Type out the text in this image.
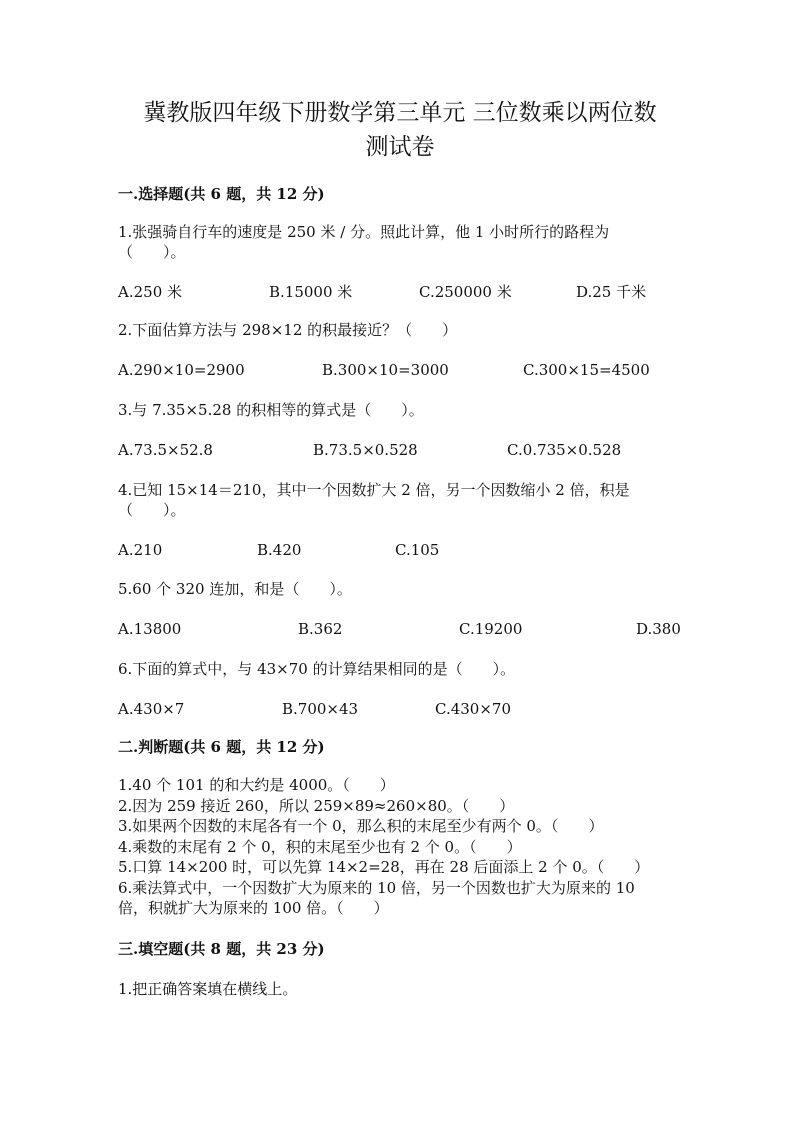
冀教版四年级下册数学第三单元 三位数乘以两位数
测试卷
一.选择题(共 6 题，共 12 分)
1.张强骑自行车的速度是 250 米 / 分。照此计算，他 1 小时所行的路程为
（　　）。
A.250 米	B.15000 米	C.250000 米	D.25 千米
2.下面估算方法与 298×12 的积最接近？（　　）
A.290×10=2900	B.300×10=3000	C.300×15=4500
3.与 7.35×5.28 的积相等的算式是（　　）。
A.73.5×52.8	B.73.5×0.528	C.0.735×0.528
4.已知 15×14＝210，其中一个因数扩大 2 倍，另一个因数缩小 2 倍，积是
（　　）。
A.210	B.420	C.105
5.60 个 320 连加，和是（　　）。
A.13800	B.362	C.19200	D.380
6.下面的算式中，与 43×70 的计算结果相同的是（　　）。
A.430×7	B.700×43	C.430×70
二.判断题(共 6 题，共 12 分)
1.40 个 101 的和大约是 4000。（　　）
2.因为 259 接近 260，所以 259×89≈260×80。（　　）
3.如果两个因数的末尾各有一个 0，那么积的末尾至少有两个 0。（　　）
4.乘数的末尾有 2 个 0，积的末尾至少也有 2 个 0。（　　）
5.口算 14×200 时，可以先算 14×2=28，再在 28 后面添上 2 个 0。（　　）
6.乘法算式中，一个因数扩大为原来的 10 倍，另一个因数也扩大为原来的 10
倍，积就扩大为原来的 100 倍。（　　）
三.填空题(共 8 题，共 23 分)
1.把正确答案填在横线上。
